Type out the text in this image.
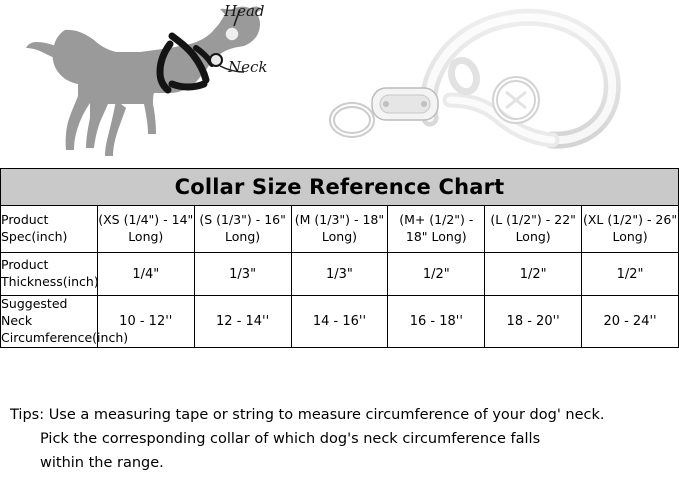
Head
Neck
Collar Size Reference Chart						
Product Spec(inch)	(XS (1/4") - 14" Long)	(S (1/3") - 16" Long)	(M (1/3") - 18" Long)	(M+ (1/2") - 18" Long)	(L (1/2") - 22" Long)	(XL (1/2") - 26" Long)
Product Thickness(inch)	1/4"	1/3"	1/3"	1/2"	1/2"	1/2"
Suggested Neck Circumference(inch)	10 - 12''	12 - 14''	14 - 16''	16 - 18''	18 - 20''	20 - 24''
Tips: Use a measuring tape or string to measure circumference of your dog' neck.
Pick the corresponding collar of which dog's neck circumference falls
within the range.
